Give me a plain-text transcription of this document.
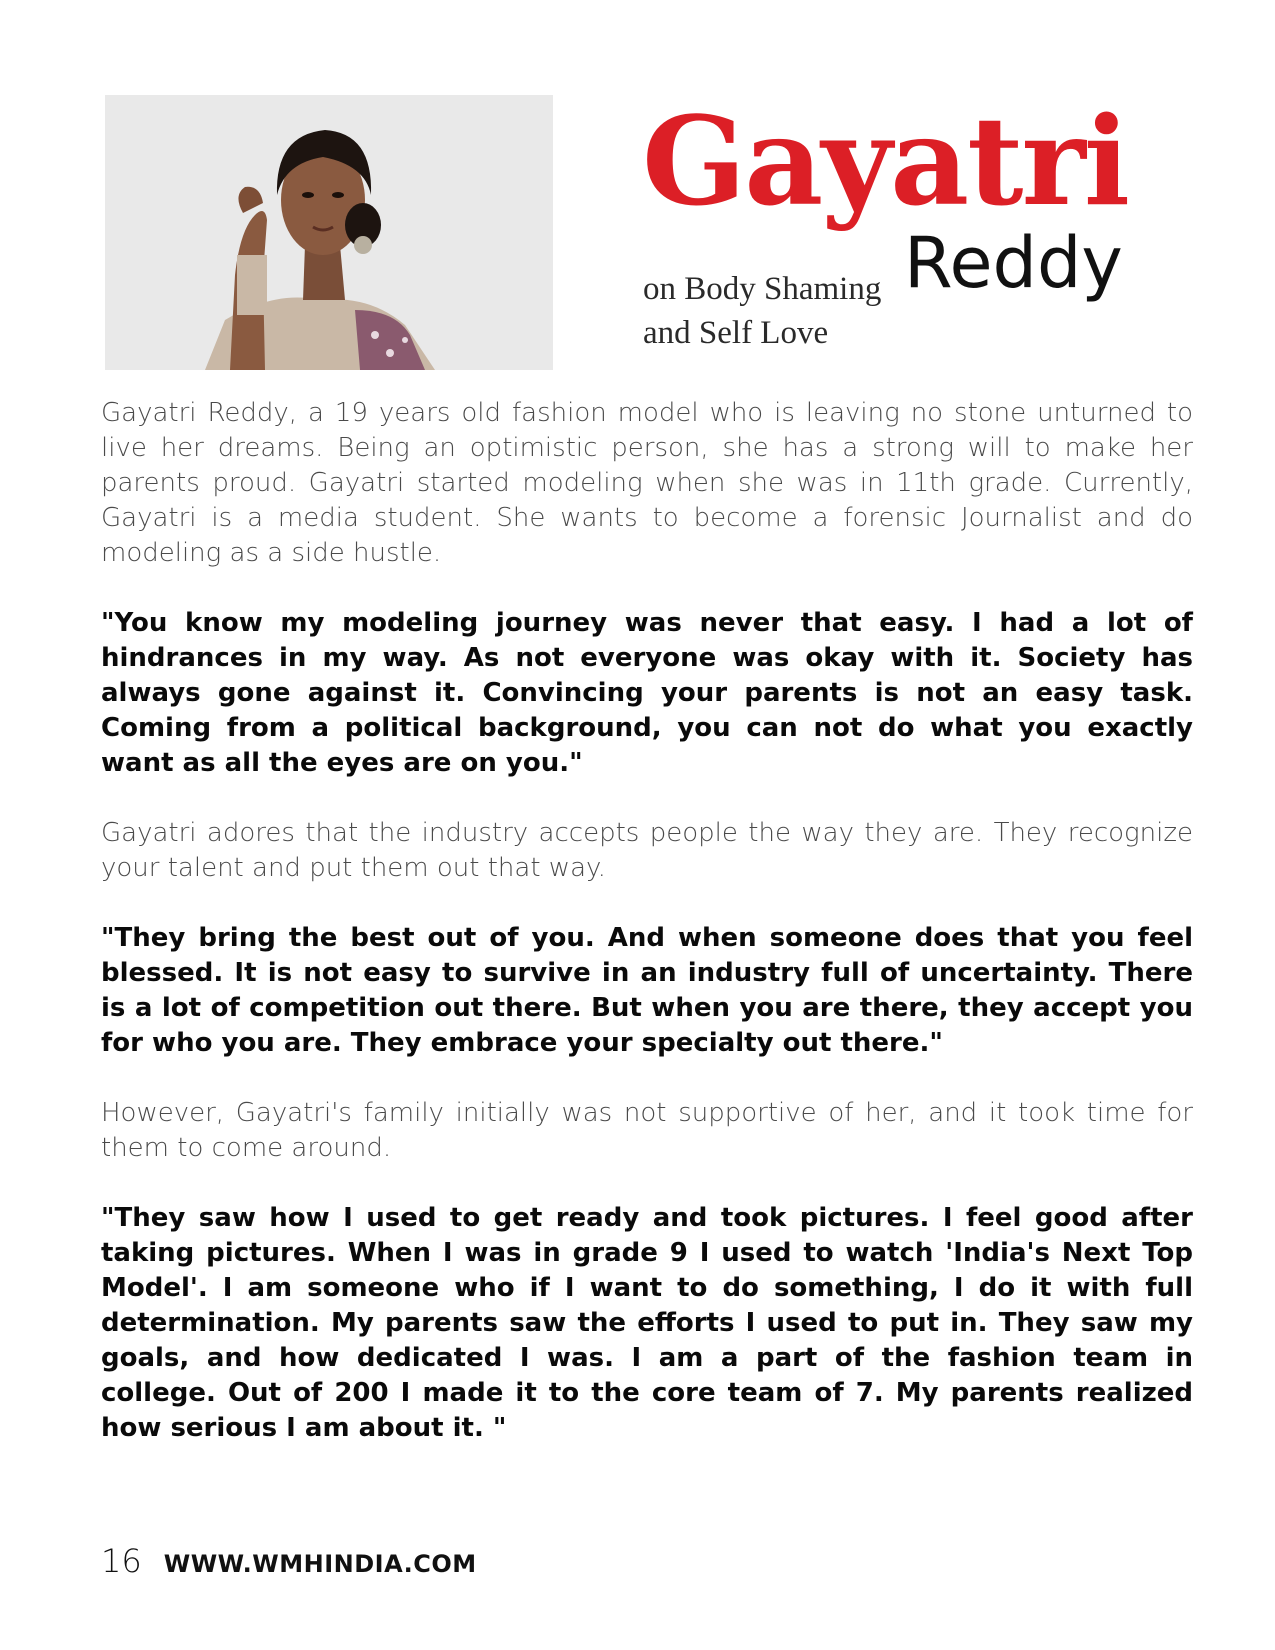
Gayatri
Reddy
on Body Shaming and Self Love

Gayatri Reddy, a 19 years old fashion model who is leaving no stone unturned to live her dreams. Being an optimistic person, she has a strong will to make her parents proud. Gayatri started modeling when she was in 11th grade. Currently, Gayatri is a media student. She wants to become a forensic Journalist and do modeling as a side hustle.

"You know my modeling journey was never that easy. I had a lot of hindrances in my way. As not everyone was okay with it. Society has always gone against it. Convincing your parents is not an easy task. Coming from a political background, you can not do what you exactly want as all the eyes are on you."

Gayatri adores that the industry accepts people the way they are. They recognize your talent and put them out that way.

"They bring the best out of you. And when someone does that you feel blessed. It is not easy to survive in an industry full of uncertainty. There is a lot of competition out there. But when you are there, they accept you for who you are. They embrace your specialty out there."

However, Gayatri's family initially was not supportive of her, and it took time for them to come around.

"They saw how I used to get ready and took pictures. I feel good after taking pictures. When I was in grade 9 I used to watch 'India's Next Top Model'. I am someone who if I want to do something, I do it with full determination. My parents saw the efforts I used to put in. They saw my goals, and how dedicated I was. I am a part of the fashion team in college. Out of 200 I made it to the core team of 7. My parents realized how serious I am about it. "

16 WWW.WMHINDIA.COM
